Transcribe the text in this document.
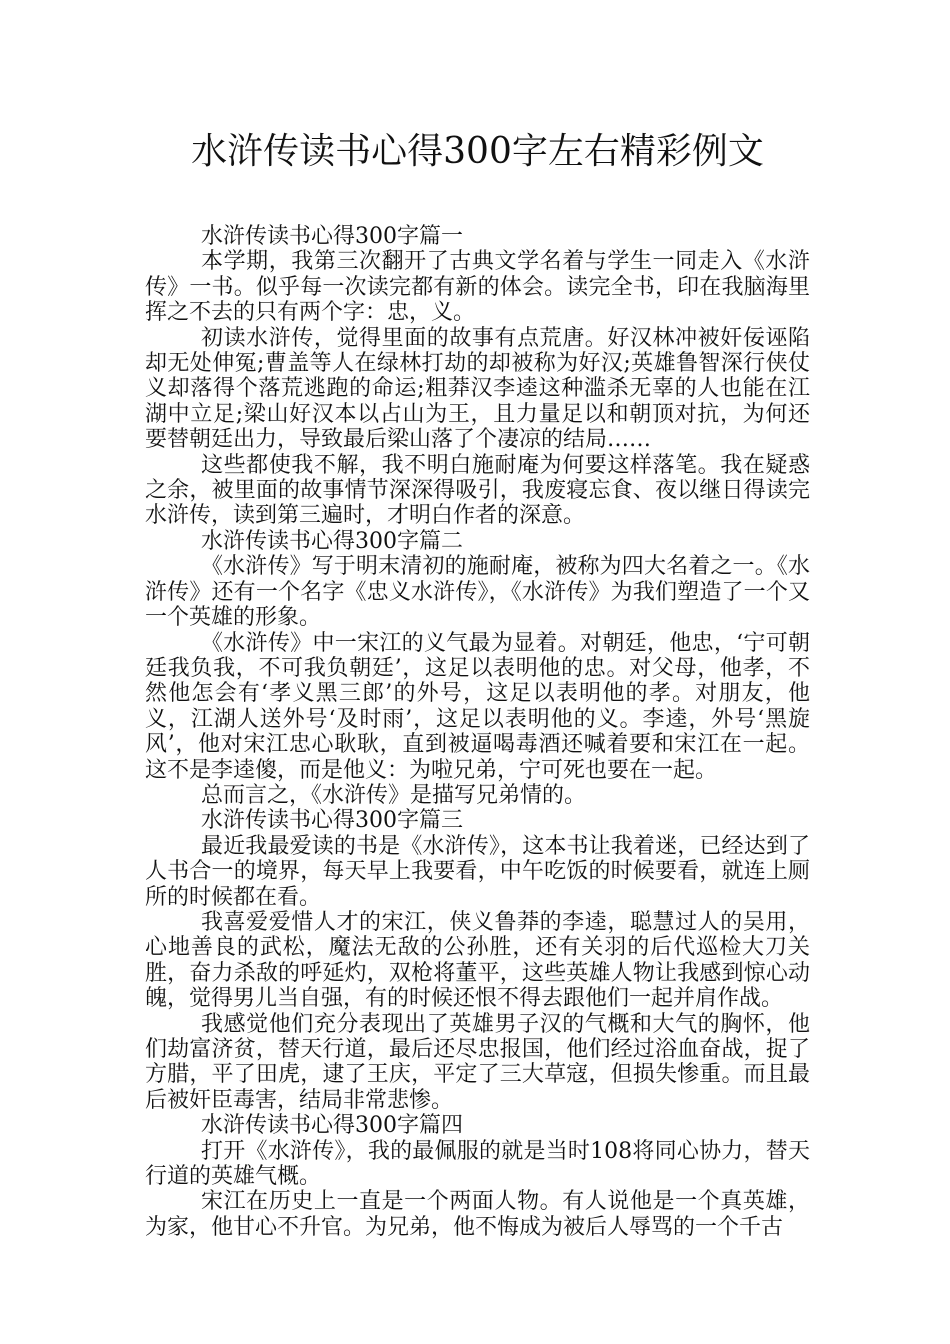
水浒传读书心得300字左右精彩例文

水浒传读书心得300字篇一

本学期，我第三次翻开了古典文学名着与学生一同走入《水浒传》一书。似乎每一次读完都有新的体会。读完全书，印在我脑海里挥之不去的只有两个字：忠，义。

初读水浒传，觉得里面的故事有点荒唐。好汉林冲被奸佞诬陷却无处伸冤;曹盖等人在绿林打劫的却被称为好汉;英雄鲁智深行侠仗义却落得个落荒逃跑的命运;粗莽汉李逵这种滥杀无辜的人也能在江湖中立足;梁山好汉本以占山为王，且力量足以和朝顶对抗，为何还要替朝廷出力，导致最后梁山落了个凄凉的结局……

这些都使我不解，我不明白施耐庵为何要这样落笔。我在疑惑之余，被里面的故事情节深深得吸引，我废寝忘食、夜以继日得读完水浒传，读到第三遍时，才明白作者的深意。

水浒传读书心得300字篇二

《水浒传》写于明末清初的施耐庵，被称为四大名着之一。《水浒传》还有一个名字《忠义水浒传》，《水浒传》为我们塑造了一个又一个英雄的形象。

《水浒传》中一宋江的义气最为显着。对朝廷，他忠，‘宁可朝廷我负我，不可我负朝廷’，这足以表明他的忠。对父母，他孝，不然他怎会有‘孝义黑三郎’的外号，这足以表明他的孝。对朋友，他义，江湖人送外号‘及时雨’，这足以表明他的义。李逵，外号‘黑旋风’，他对宋江忠心耿耿，直到被逼喝毒酒还喊着要和宋江在一起。这不是李逵傻，而是他义：为啦兄弟，宁可死也要在一起。

总而言之，《水浒传》是描写兄弟情的。

水浒传读书心得300字篇三

最近我最爱读的书是《水浒传》，这本书让我着迷，已经达到了人书合一的境界，每天早上我要看，中午吃饭的时候要看，就连上厕所的时候都在看。

我喜爱爱惜人才的宋江，侠义鲁莽的李逵，聪慧过人的吴用，心地善良的武松，魔法无敌的公孙胜，还有关羽的后代巡检大刀关胜，奋力杀敌的呼延灼，双枪将董平，这些英雄人物让我感到惊心动魄，觉得男儿当自强，有的时候还恨不得去跟他们一起并肩作战。

我感觉他们充分表现出了英雄男子汉的气概和大气的胸怀，他们劫富济贫，替天行道，最后还尽忠报国，他们经过浴血奋战，捉了方腊，平了田虎，逮了王庆，平定了三大草寇，但损失惨重。而且最后被奸臣毒害，结局非常悲惨。

水浒传读书心得300字篇四

打开《水浒传》，我的最佩服的就是当时108将同心协力，替天行道的英雄气概。

宋江在历史上一直是一个两面人物。有人说他是一个真英雄，为家，他甘心不升官。为兄弟，他不悔成为被后人辱骂的一个千古
